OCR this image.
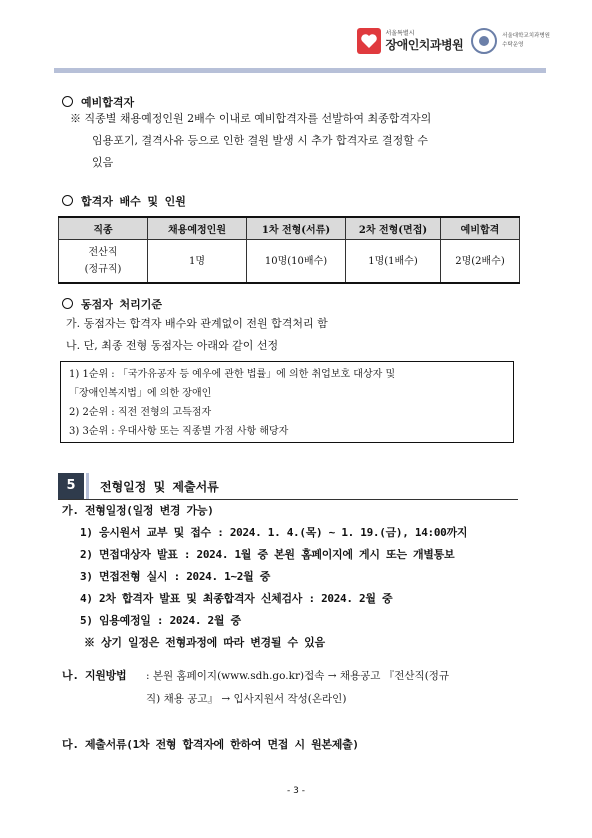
서울특별시
장애인치과병원
서울대학교치과병원
수탁운영
예비합격자
※ 직종별 채용예정인원 2배수 이내로 예비합격자를 선발하여 최종합격자의
임용포기, 결격사유 등으로 인한 결원 발생 시 추가 합격자로 결정할 수
있음
합격자 배수 및 인원
직종	채용예정인원	1차 전형(서류)	2차 전형(면접)	예비합격

전산직
(정규직)	1명	10명(10배수)	1명(1배수)	2명(2배수)
동점자 처리기준
가. 동점자는 합격자 배수와 관계없이 전원 합격처리 함
나. 단, 최종 전형 동점자는 아래와 같이 선정
1) 1순위 : 「국가유공자 등 예우에 관한 법률」에 의한 취업보호 대상자 및
「장애인복지법」에 의한 장애인
2) 2순위 : 직전 전형의 고득점자
3) 3순위 : 우대사항 또는 직종별 가점 사항 해당자
5	전형일정 및 제출서류
가. 전형일정(일정 변경 가능)
1) 응시원서 교부 및 접수 : 2024. 1. 4.(목) ~ 1. 19.(금), 14:00까지
2) 면접대상자 발표 : 2024. 1월 중 본원 홈페이지에 게시 또는 개별통보
3) 면접전형 실시 : 2024. 1~2월 중
4) 2차 합격자 발표 및 최종합격자 신체검사 : 2024. 2월 중
5) 임용예정일 : 2024. 2월 중
※ 상기 일정은 전형과정에 따라 변경될 수 있음
나. 지원방법 : 본원 홈페이지(www.sdh.go.kr)접속 → 채용공고 『전산직(정규
직) 채용 공고』 → 입사지원서 작성(온라인)
다. 제출서류(1차 전형 합격자에 한하여 면접 시 원본제출)
- 3 -
